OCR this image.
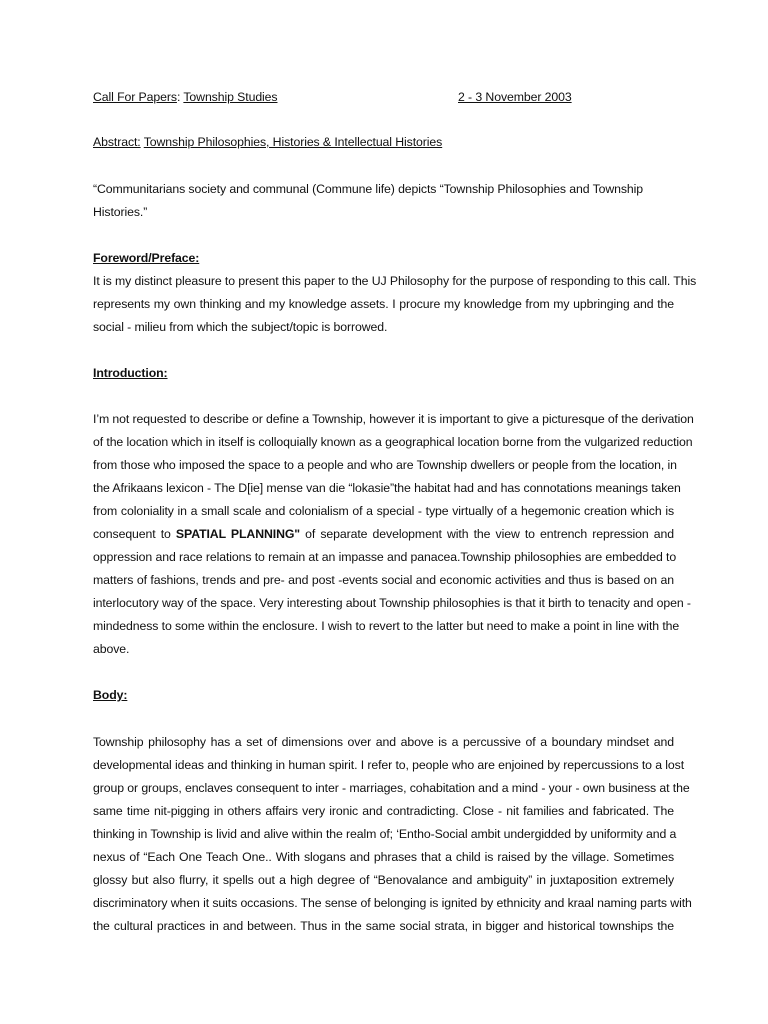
Call For Papers: Township Studies	2 - 3 November 2003
Abstract: Township Philosophies, Histories & Intellectual Histories
“Communitarians society and communal (Commune life) depicts “Township Philosophies and Township
Histories.”
Foreword/Preface:
It is my distinct pleasure to present this paper to the UJ Philosophy for the purpose of responding to this call. This
represents my own thinking and my knowledge assets. I procure my knowledge from my upbringing and the
social - milieu from which the subject/topic is borrowed.
Introduction:
I’m not requested to describe or define a Township, however it is important to give a picturesque of the derivation
of the location which in itself is colloquially known as a geographical location borne from the vulgarized reduction
from those who imposed the space to a people and who are Township dwellers or people from the location, in
the Afrikaans lexicon - The D[ie] mense van die “lokasie”the habitat had and has connotations meanings taken
from coloniality in a small scale and colonialism of a special - type virtually of a hegemonic creation which is
consequent to SPATIAL PLANNING" of separate development with the view to entrench repression and
oppression and race relations to remain at an impasse and panacea.Township philosophies are embedded to
matters of fashions, trends and pre- and post -events social and economic activities and thus is based on an
interlocutory way of the space. Very interesting about Township philosophies is that it birth to tenacity and open -
mindedness to some within the enclosure. I wish to revert to the latter but need to make a point in line with the
above.
Body:
Township philosophy has a set of dimensions over and above is a percussive of a boundary mindset and
developmental ideas and thinking in human spirit. I refer to, people who are enjoined by repercussions to a lost
group or groups, enclaves consequent to inter - marriages, cohabitation and a mind - your - own business at the
same time nit-pigging in others affairs very ironic and contradicting. Close - nit families and fabricated. The
thinking in Township is livid and alive within the realm of; ‘Entho-Social ambit undergidded by uniformity and a
nexus of “Each One Teach One.. With slogans and phrases that a child is raised by the village. Sometimes
glossy but also flurry, it spells out a high degree of “Benovalance and ambiguity” in juxtaposition extremely
discriminatory when it suits occasions. The sense of belonging is ignited by ethnicity and kraal naming parts with
the cultural practices in and between. Thus in the same social strata, in bigger and historical townships the
